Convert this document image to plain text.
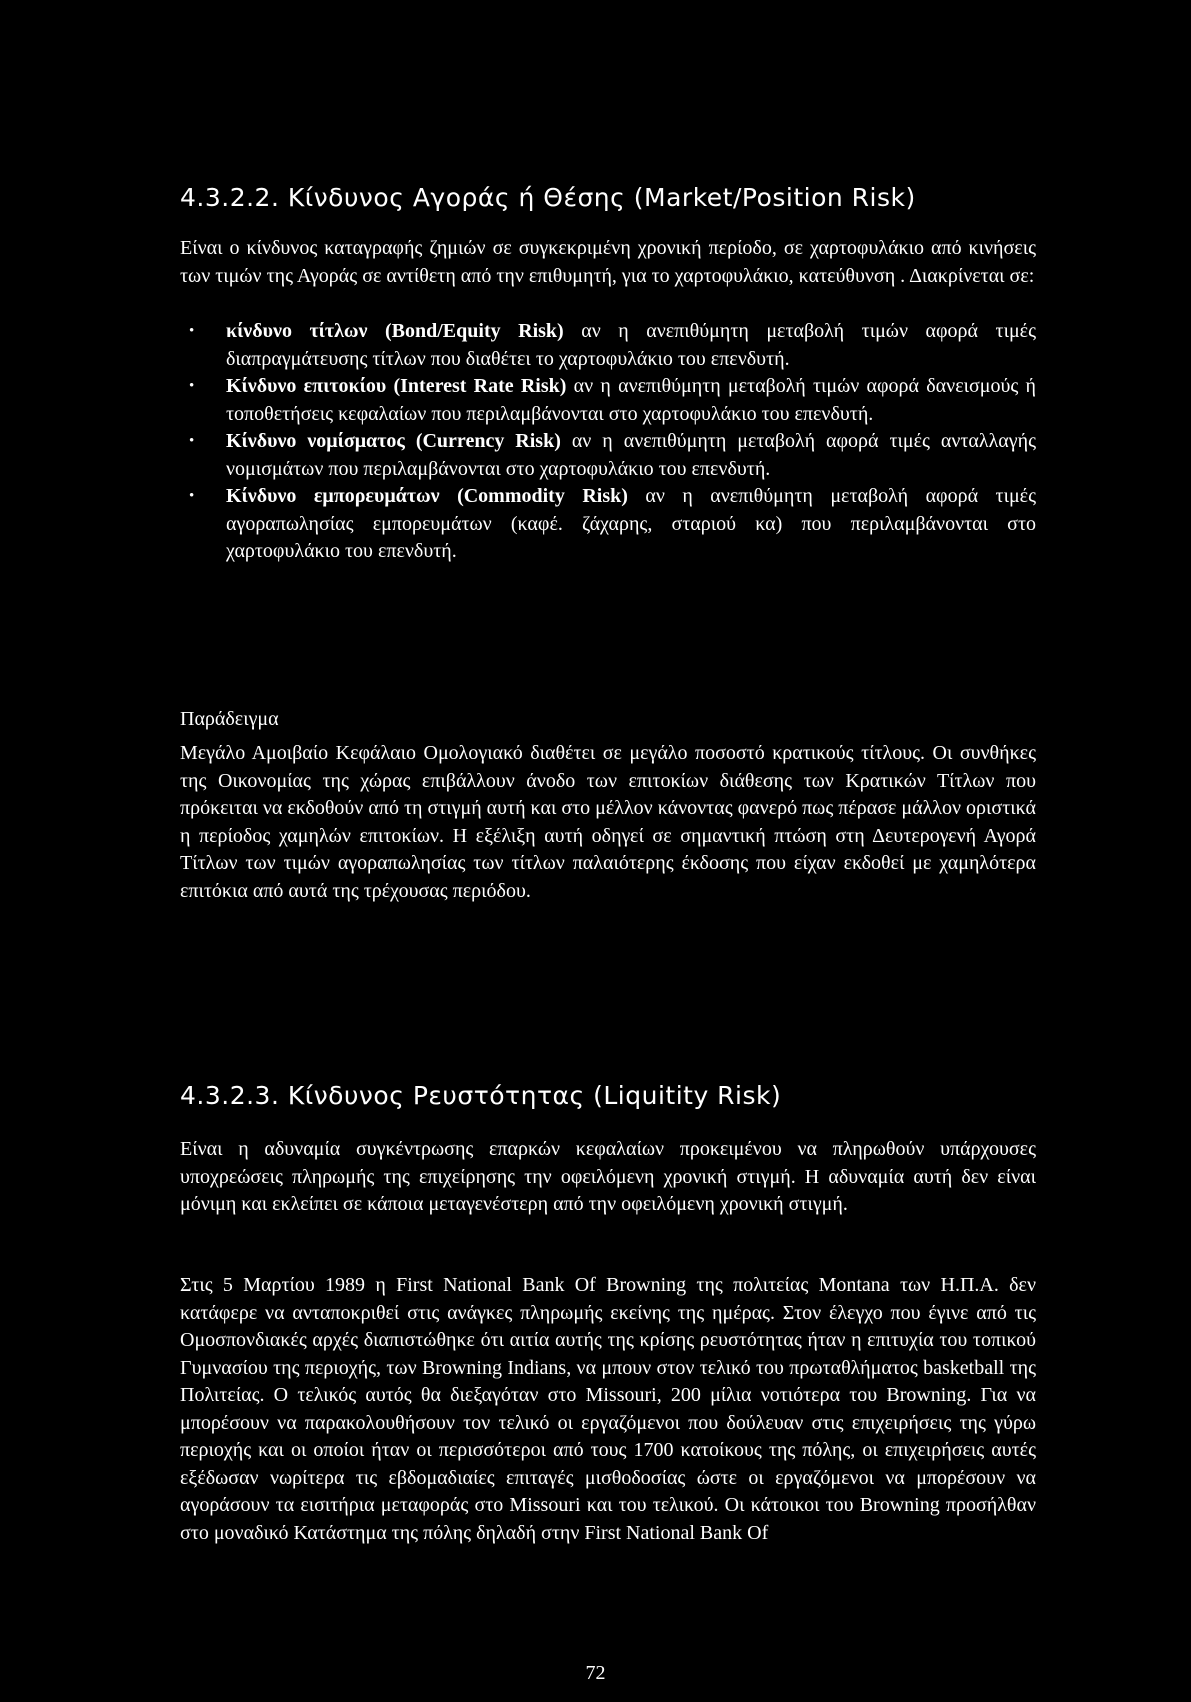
4.3.2.2. Κίνδυνος Αγοράς ή Θέσης (Market/Position Risk)

Είναι ο κίνδυνος καταγραφής ζημιών σε συγκεκριμένη χρονική περίοδο, σε χαρτοφυλάκιο από κινήσεις των τιμών της Αγοράς σε αντίθετη από την επιθυμητή, για το χαρτοφυλάκιο, κατεύθυνση . Διακρίνεται σε:

• κίνδυνο τίτλων (Bond/Equity Risk) αν η ανεπιθύμητη μεταβολή τιμών αφορά τιμές διαπραγμάτευσης τίτλων που διαθέτει το χαρτοφυλάκιο του επενδυτή.
• Κίνδυνο επιτοκίου (Interest Rate Risk) αν η ανεπιθύμητη μεταβολή τιμών αφορά δανεισμούς ή τοποθετήσεις κεφαλαίων που περιλαμβάνονται στο χαρτοφυλάκιο του επενδυτή.
• Κίνδυνο νομίσματος (Currency Risk) αν η ανεπιθύμητη μεταβολή αφορά τιμές ανταλλαγής νομισμάτων που περιλαμβάνονται στο χαρτοφυλάκιο του επενδυτή.
• Κίνδυνο εμπορευμάτων (Commodity Risk) αν η ανεπιθύμητη μεταβολή αφορά τιμές αγοραπωλησίας εμπορευμάτων (καφέ. ζάχαρης, σταριού κα) που περιλαμβάνονται στο χαρτοφυλάκιο του επενδυτή.

Παράδειγμα

Μεγάλο Αμοιβαίο Κεφάλαιο Ομολογιακό διαθέτει σε μεγάλο ποσοστό κρατικούς τίτλους. Οι συνθήκες της Οικονομίας της χώρας επιβάλλουν άνοδο των επιτοκίων διάθεσης των Κρατικών Τίτλων που πρόκειται να εκδοθούν από τη στιγμή αυτή και στο μέλλον κάνοντας φανερό πως πέρασε μάλλον οριστικά η περίοδος χαμηλών επιτοκίων. Η εξέλιξη αυτή οδηγεί σε σημαντική πτώση στη Δευτερογενή Αγορά Τίτλων των τιμών αγοραπωλησίας των τίτλων παλαιότερης έκδοσης που είχαν εκδοθεί με χαμηλότερα επιτόκια από αυτά της τρέχουσας περιόδου.

4.3.2.3. Κίνδυνος Ρευστότητας (Liquitity Risk)

Είναι η αδυναμία συγκέντρωσης επαρκών κεφαλαίων προκειμένου να πληρωθούν υπάρχουσες υποχρεώσεις πληρωμής της επιχείρησης την οφειλόμενη χρονική στιγμή. Η αδυναμία αυτή δεν είναι μόνιμη και εκλείπει σε κάποια μεταγενέστερη από την οφειλόμενη χρονική στιγμή.

Στις 5 Μαρτίου 1989 η First National Bank Of Browning της πολιτείας Montana των Η.Π.Α. δεν κατάφερε να ανταποκριθεί στις ανάγκες πληρωμής εκείνης της ημέρας. Στον έλεγχο που έγινε από τις Ομοσπονδιακές αρχές διαπιστώθηκε ότι αιτία αυτής της κρίσης ρευστότητας ήταν η επιτυχία του τοπικού Γυμνασίου της περιοχής, των Browning Indians, να μπουν στον τελικό του πρωταθλήματος basketball της Πολιτείας. Ο τελικός αυτός θα διεξαγόταν στο Missouri, 200 μίλια νοτιότερα του Browning. Για να μπορέσουν να παρακολουθήσουν τον τελικό οι εργαζόμενοι που δούλευαν στις επιχειρήσεις της γύρω περιοχής και οι οποίοι ήταν οι περισσότεροι από τους 1700 κατοίκους της πόλης, οι επιχειρήσεις αυτές εξέδωσαν νωρίτερα τις εβδομαδιαίες επιταγές μισθοδοσίας ώστε οι εργαζόμενοι να μπορέσουν να αγοράσουν τα εισιτήρια μεταφοράς στο Missouri και του τελικού. Οι κάτοικοι του Browning προσήλθαν στο μοναδικό Κατάστημα της πόλης δηλαδή στην First National Bank Of

72
